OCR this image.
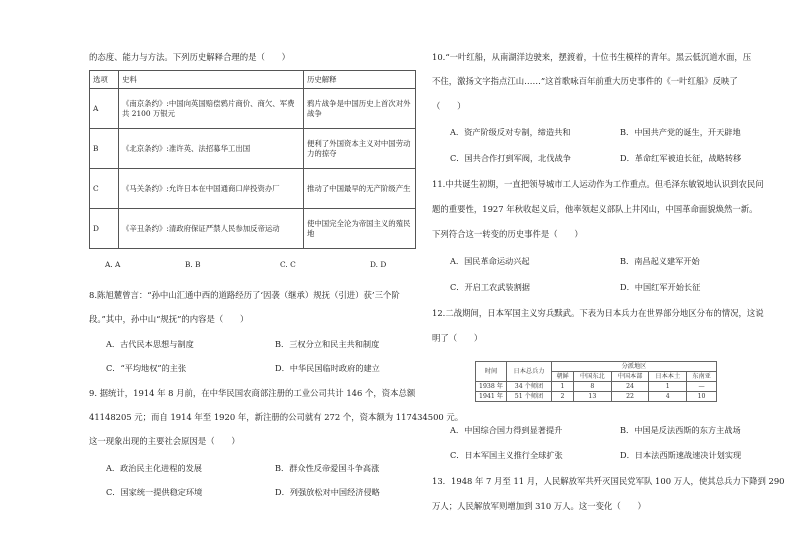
的态度、能力与方法。下列历史解释合理的是（　　）
选项	史料	历史解释
A	《南京条约》:中国向英国赔偿鸦片商价、商欠、军费共 2100 万银元	鸦片战争是中国历史上首次对外战争
B	《北京条约》:准许英、法招募华工出国	便利了外国资本主义对中国劳动力的掠夺
C	《马关条约》:允许日本在中国通商口岸投资办厂	推动了中国最早的无产阶级产生
D	《辛丑条约》:清政府保证严禁人民参加反帝运动	使中国完全沦为帝国主义的殖民地
A. A	B. B	C. C	D. D
8.陈旭麓曾言：“孙中山汇通中西的道路经历了‘因袭（继承）规抚（引进）获’三个阶
段。”其中，孙中山“规抚”的内容是（　　）
A．古代民本思想与制度	B．三权分立和民主共和制度
C．“平均地权”的主张	D．中华民国临时政府的建立
9. 据统计，1914 年 8 月前，在中华民国农商部注册的工业公司共计 146 个，资本总额
41148205 元；而自 1914 年至 1920 年，新注册的公司就有 272 个，资本额为 117434500 元。
这一现象出现的主要社会原因是（　　）
A．政治民主化进程的发展	B．群众性反帝爱国斗争高涨
C．国家统一提供稳定环境	D．列强放松对中国经济侵略
10.“一叶红船，从南湖洋边驶来，摆渡着，十位书生模样的青年。黑云低沉道水面，压
不住，激扬文字指点江山……”这首歌咏百年前重大历史事件的《一叶红船》反映了
（　　）
A．资产阶级反对专制，缔造共和	B．中国共产党的诞生，开天辟地
C．国共合作打到军阀，北伐战争	D．革命红军被迫长征，战略转移
11.中共诞生初期，一直把领导城市工人运动作为工作重点。但毛泽东敏锐地认识到农民问
题的重要性，1927 年秋收起义后，他率领起义部队上井冈山，中国革命面貌焕然一新。
下列符合这一转变的历史事件是（　　）
A．国民革命运动兴起	B．南昌起义建军开始
C．开启工农武装割据	D．中国红军开始长征
12.二战期间，日本军国主义穷兵黩武。下表为日本兵力在世界部分地区分布的情况，这说
明了（　　）
时间	日本总兵力	分派地区				
		朝鲜	中国东北	中国本部	日本本土	东南亚
1938 年	34 个师团	1	8	24	1	—
1941 年	51 个师团	2	13	22	4	10
A．中国综合国力得到显著提升	B．中国是反法西斯的东方主战场
C．日本军国主义推行全球扩张	D．日本法西斯速战速决计划实现
13．1948 年 7 月至 11 月，人民解放军共歼灭国民党军队 100 万人，使其总兵力下降到 290
万人；人民解放军则增加到 310 万人。这一变化（　　）
